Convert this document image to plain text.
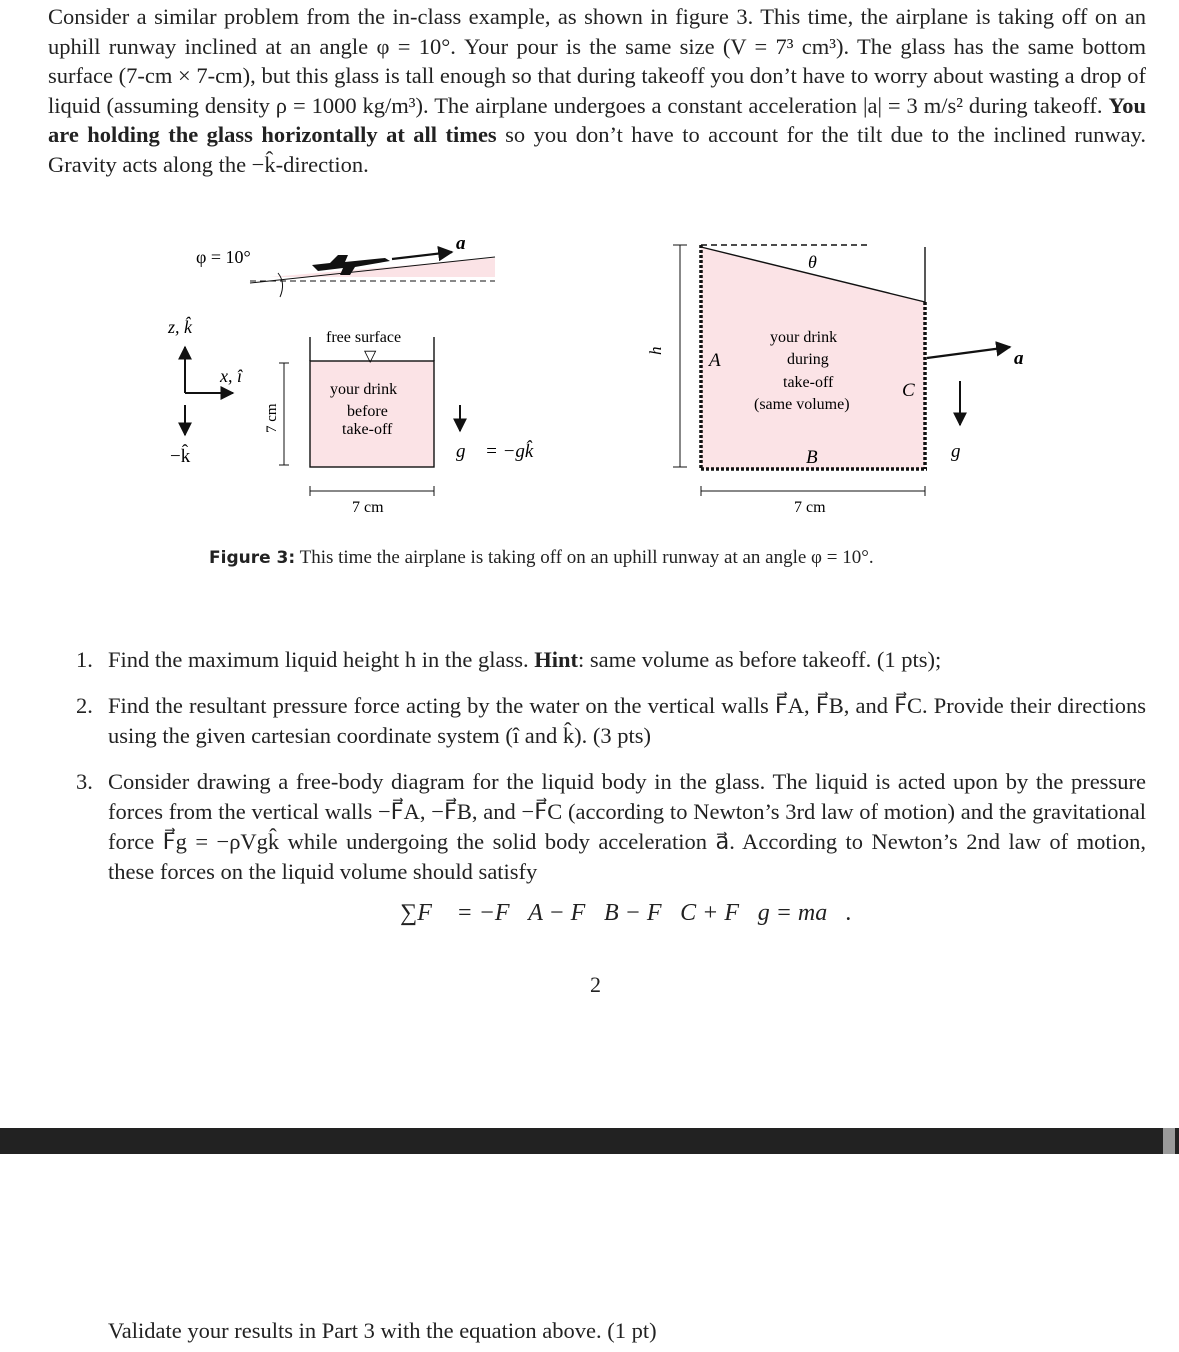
Consider a similar problem from the in-class example, as shown in figure 3. This time, the airplane is taking off on an uphill runway inclined at an angle φ = 10°. Your pour is the same size (V = 7³ cm³). The glass has the same bottom surface (7-cm × 7-cm), but this glass is tall enough so that during takeoff you don’t have to worry about wasting a drop of liquid (assuming density ρ = 1000 kg/m³). The airplane undergoes a constant acceleration |a| = 3 m/s² during takeoff. You are holding the glass horizontally at all times so you don’t have to account for the tilt due to the inclined runway. Gravity acts along the −k̂-direction.

φ = 10°
a⃗
z, k̂
x, î
−k̂
7 cm
free surface
▽
your drink
before
take-off
g⃗ = −gk̂
7 cm
h
θ
A
C
B
your drink
during
take-off
(same volume)
a⃗
g⃗
7 cm
Figure 3: This time the airplane is taking off on an uphill runway at an angle φ = 10°.
1. Find the maximum liquid height h in the glass. Hint: same volume as before takeoff. (1 pts);
2. Find the resultant pressure force acting by the water on the vertical walls F⃗A, F⃗B, and F⃗C. Provide their directions using the given cartesian coordinate system (î and k̂). (3 pts)
3. Consider drawing a free-body diagram for the liquid body in the glass. The liquid is acted upon by the pressure forces from the vertical walls −F⃗A, −F⃗B, and −F⃗C (according to Newton’s 3rd law of motion) and the gravitational force F⃗g = −ρVgk̂ while undergoing the solid body acceleration a⃗. According to Newton’s 2nd law of motion, these forces on the liquid volume should satisfy
∑F⃗ = −F⃗A − F⃗B − F⃗C + F⃗g = ma⃗.
2
Validate your results in Part 3 with the equation above. (1 pt)
